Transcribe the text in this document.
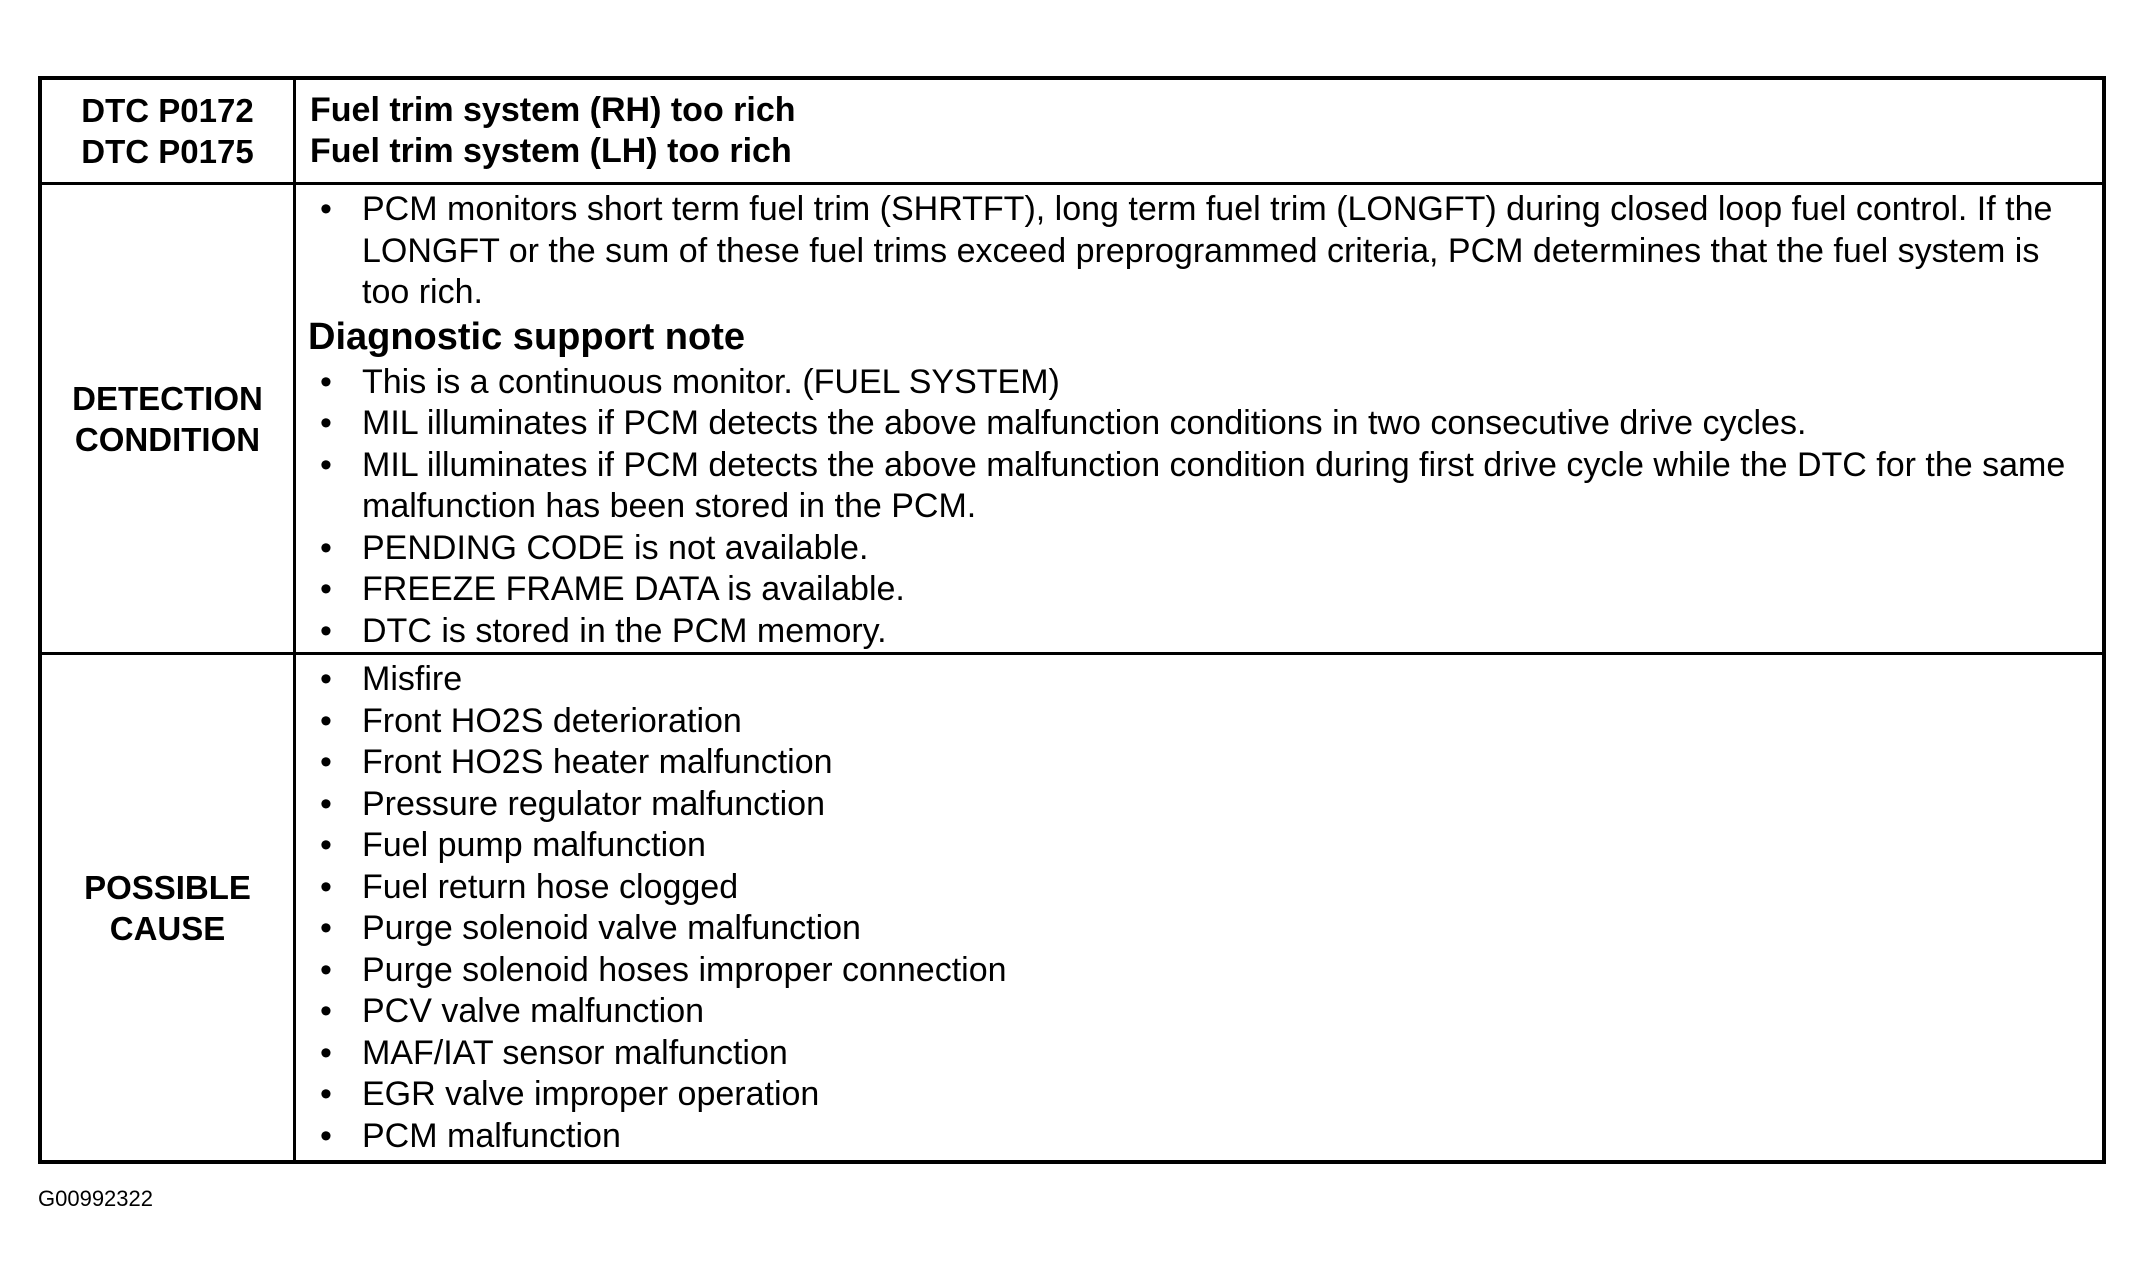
DTC P0172
DTC P0175
Fuel trim system (RH) too rich
Fuel trim system (LH) too rich
DETECTION
CONDITION
• PCM monitors short term fuel trim (SHRTFT), long term fuel trim (LONGFT) during closed loop fuel control. If the LONGFT or the sum of these fuel trims exceed preprogrammed criteria, PCM determines that the fuel system is too rich.
Diagnostic support note
• This is a continuous monitor. (FUEL SYSTEM)
• MIL illuminates if PCM detects the above malfunction conditions in two consecutive drive cycles.
• MIL illuminates if PCM detects the above malfunction condition during first drive cycle while the DTC for the same malfunction has been stored in the PCM.
• PENDING CODE is not available.
• FREEZE FRAME DATA is available.
• DTC is stored in the PCM memory.
POSSIBLE
CAUSE
• Misfire
• Front HO2S deterioration
• Front HO2S heater malfunction
• Pressure regulator malfunction
• Fuel pump malfunction
• Fuel return hose clogged
• Purge solenoid valve malfunction
• Purge solenoid hoses improper connection
• PCV valve malfunction
• MAF/IAT sensor malfunction
• EGR valve improper operation
• PCM malfunction
G00992322
